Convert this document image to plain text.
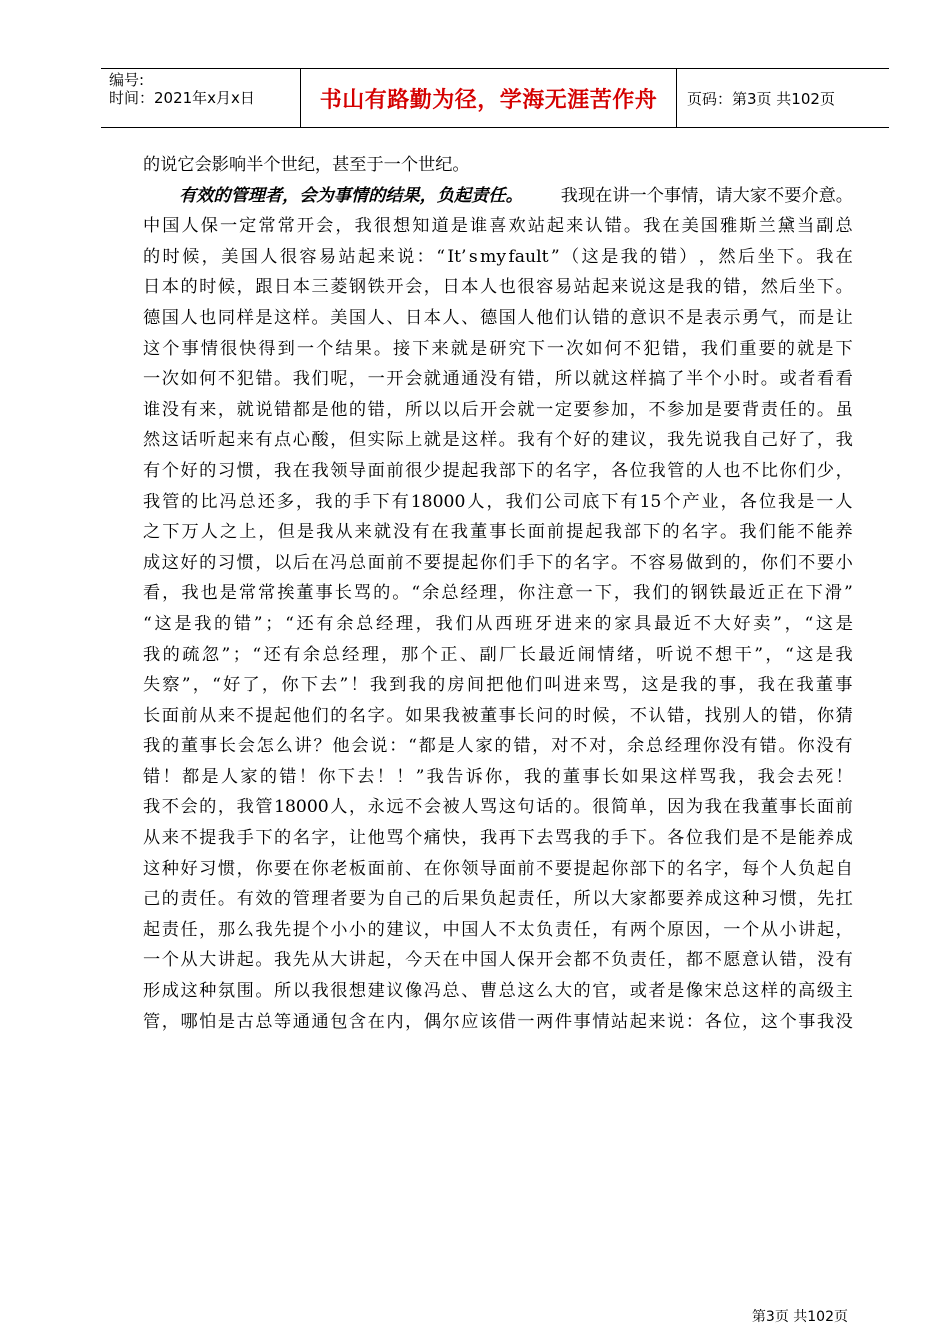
编号:
时间：2021年x月x日	书山有路勤为径，学海无涯苦作舟 页码：第3页 共102页
的说它会影响半个世纪，甚至于一个世纪。
有效的管理者，会为事情的结果，负起责任。 我现在讲一个事情，请大家不要介意。
中 国 人 保 一 定 常 常 开 会 ， 我 很 想 知 道 是 谁 喜 欢 站 起 来 认 错 。 我 在 美 国 雅 斯 兰 黛 当 副 总
的 时 候 ， 美 国 人 很 容 易 站 起 来 说 ： “ It’ s my fault ” （ 这 是 我 的 错 ） ， 然 后 坐 下 。 我 在
日 本 的 时 候 ， 跟 日 本 三 菱 钢 铁 开 会 ， 日 本 人 也 很 容 易 站 起 来 说 这 是 我 的 错 ， 然 后 坐 下 。
德 国 人 也 同 样 是 这 样 。 美 国 人 、 日 本 人 、 德 国 人 他 们 认 错 的 意 识 不 是 表 示 勇 气 ， 而 是 让
这 个 事 情 很 快 得 到 一 个 结 果 。 接 下 来 就 是 研 究 下 一 次 如 何 不 犯 错 ， 我 们 重 要 的 就 是 下
一 次 如 何 不 犯 错 。 我 们 呢 ， 一 开 会 就 通 通 没 有 错 ， 所 以 就 这 样 搞 了 半 个 小 时 。 或 者 看 看
谁 没 有 来 ， 就 说 错 都 是 他 的 错 ， 所 以 以 后 开 会 就 一 定 要 参 加 ， 不 参 加 是 要 背 责 任 的 。 虽
然 这 话 听 起 来 有 点 心 酸 ， 但 实 际 上 就 是 这 样 。 我 有 个 好 的 建 议 ， 我 先 说 我 自 己 好 了 ， 我
有 个 好 的 习 惯 ， 我 在 我 领 导 面 前 很 少 提 起 我 部 下 的 名 字 ， 各 位 我 管 的 人 也 不 比 你 们 少 ，
我 管 的 比 冯 总 还 多 ， 我 的 手 下 有 18000 人 ， 我 们 公 司 底 下 有 15 个 产 业 ， 各 位 我 是 一 人
之 下 万 人 之 上 ， 但 是 我 从 来 就 没 有 在 我 董 事 长 面 前 提 起 我 部 下 的 名 字 。 我 们 能 不 能 养
成 这 好 的 习 惯 ， 以 后 在 冯 总 面 前 不 要 提 起 你 们 手 下 的 名 字 。 不 容 易 做 到 的 ， 你 们 不 要 小
看 ， 我 也 是 常 常 挨 董 事 长 骂 的 。 “ 余 总 经 理 ， 你 注 意 一 下 ， 我 们 的 钢 铁 最 近 正 在 下 滑 ”
“ 这 是 我 的 错 ” ； “ 还 有 余 总 经 理 ， 我 们 从 西 班 牙 进 来 的 家 具 最 近 不 大 好 卖 ” ， “ 这 是
我 的 疏 忽 ” ； “ 还 有 余 总 经 理 ， 那 个 正 、 副 厂 长 最 近 闹 情 绪 ， 听 说 不 想 干 ” ， “ 这 是 我
失 察 ” ， “ 好 了 ， 你 下 去 ” ！ 我 到 我 的 房 间 把 他 们 叫 进 来 骂 ， 这 是 我 的 事 ， 我 在 我 董 事
长 面 前 从 来 不 提 起 他 们 的 名 字 。 如 果 我 被 董 事 长 问 的 时 候 ， 不 认 错 ， 找 别 人 的 错 ， 你 猜
我 的 董 事 长 会 怎 么 讲 ？ 他 会 说 ： “ 都 是 人 家 的 错 ， 对 不 对 ， 余 总 经 理 你 没 有 错 。 你 没 有
错 ！ 都 是 人 家 的 错 ！ 你 下 去 ！ ！ ” 我 告 诉 你 ， 我 的 董 事 长 如 果 这 样 骂 我 ， 我 会 去 死 ！
我 不 会 的 ， 我 管 18000 人 ， 永 远 不 会 被 人 骂 这 句 话 的 。 很 简 单 ， 因 为 我 在 我 董 事 长 面 前
从 来 不 提 我 手 下 的 名 字 ， 让 他 骂 个 痛 快 ， 我 再 下 去 骂 我 的 手 下 。 各 位 我 们 是 不 是 能 养 成
这 种 好 习 惯 ， 你 要 在 你 老 板 面 前 、 在 你 领 导 面 前 不 要 提 起 你 部 下 的 名 字 ， 每 个 人 负 起 自
己 的 责 任 。 有 效 的 管 理 者 要 为 自 己 的 后 果 负 起 责 任 ， 所 以 大 家 都 要 养 成 这 种 习 惯 ， 先 扛
起 责 任 ， 那 么 我 先 提 个 小 小 的 建 议 ， 中 国 人 不 太 负 责 任 ， 有 两 个 原 因 ， 一 个 从 小 讲 起 ，
一 个 从 大 讲 起 。 我 先 从 大 讲 起 ， 今 天 在 中 国 人 保 开 会 都 不 负 责 任 ， 都 不 愿 意 认 错 ， 没 有
形 成 这 种 氛 围 。 所 以 我 很 想 建 议 像 冯 总 、 曹 总 这 么 大 的 官 ， 或 者 是 像 宋 总 这 样 的 高 级 主
管 ， 哪 怕 是 古 总 等 通 通 包 含 在 内 ， 偶 尔 应 该 借 一 两 件 事 情 站 起 来 说 ： 各 位 ， 这 个 事 我 没
第3页 共102页
